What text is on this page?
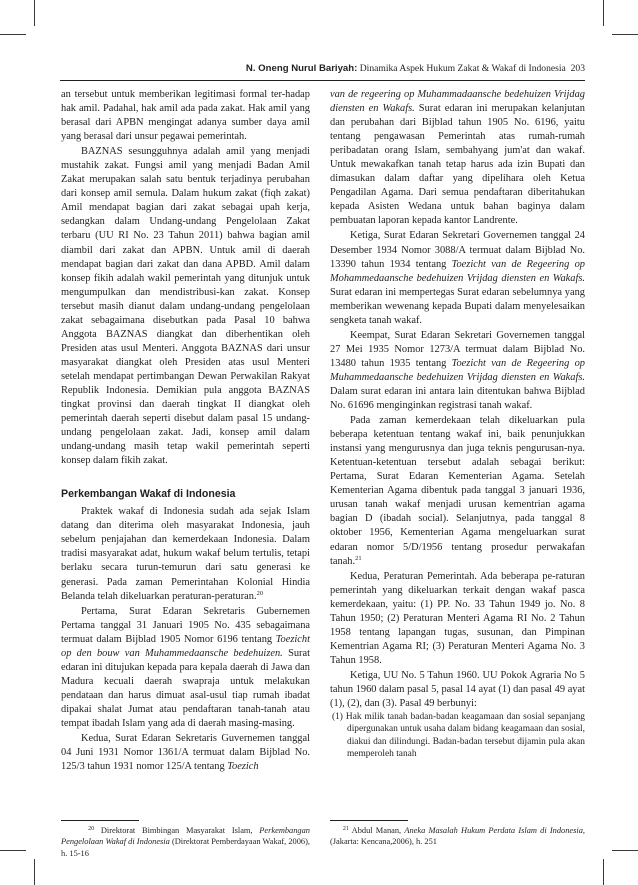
N. Oneng Nurul Bariyah: Dinamika Aspek Hukum Zakat & Wakaf di Indonesia 203

an tersebut untuk memberikan legitimasi formal ter-hadap hak amil. Padahal, hak amil ada pada zakat. Hak amil yang berasal dari APBN mengingat adanya sumber daya amil yang berasal dari unsur pegawai pemerintah.

BAZNAS sesungguhnya adalah amil yang menjadi mustahik zakat. Fungsi amil yang menjadi Badan Amil Zakat merupakan salah satu bentuk terjadinya perubahan dari konsep amil semula. Dalam hukum zakat (fiqh zakat) Amil mendapat bagian dari zakat sebagai upah kerja, sedangkan dalam Undang-undang Pengelolaan Zakat terbaru (UU RI No. 23 Tahun 2011) bahwa bagian amil diambil dari zakat dan APBN. Untuk amil di daerah mendapat bagian dari zakat dan dana APBD. Amil dalam konsep fikih adalah wakil pemerintah yang ditunjuk untuk mengumpulkan dan mendistribusi-kan zakat. Konsep tersebut masih dianut dalam undang-undang pengelolaan zakat sebagaimana disebutkan pada Pasal 10 bahwa Anggota BAZNAS diangkat dan diberhentikan oleh Presiden atas usul Menteri. Anggota BAZNAS dari unsur masyarakat diangkat oleh Presiden atas usul Menteri setelah mendapat pertimbangan Dewan Perwakilan Rakyat Republik Indonesia. Demikian pula anggota BAZNAS tingkat provinsi dan daerah tingkat II diangkat oleh pemerintah daerah seperti disebut dalam pasal 15 undang-undang pengelolaan zakat. Jadi, konsep amil dalam undang-undang masih tetap wakil pemerintah seperti konsep dalam fikih zakat.

Perkembangan Wakaf di Indonesia

Praktek wakaf di Indonesia sudah ada sejak Islam datang dan diterima oleh masyarakat Indonesia, jauh sebelum penjajahan dan kemerdekaan Indonesia. Dalam tradisi masyarakat adat, hukum wakaf belum tertulis, tetapi berlaku secara turun-temurun dari satu generasi ke generasi. Pada zaman Pemerintahan Kolonial Hindia Belanda telah dikeluarkan peraturan-peraturan.$^{20}$

Pertama, Surat Edaran Sekretaris Gubernemen Pertama tanggal 31 Januari 1905 No. 435 sebagaimana termuat dalam Bijblad 1905 Nomor 6196 tentang Toezicht op den bouw van Muhammedaansche bedehuizen. Surat edaran ini ditujukan kepada para kepala daerah di Jawa dan Madura kecuali daerah swapraja untuk melakukan pendataan dan harus dimuat asal-usul tiap rumah ibadat dipakai shalat Jumat atau pendaftaran tanah-tanah atau tempat ibadah Islam yang ada di daerah masing-masing.

Kedua, Surat Edaran Sekretaris Guvernemen tanggal 04 Juni 1931 Nomor 1361/A termuat dalam Bijblad No. 125/3 tahun 1931 nomor 125/A tentang Toezich

$^{20}$ Direktorat Bimbingan Masyarakat Islam, Perkembangan Pengelolaan Wakaf di Indonesia (Direktorat Pemberdayaan Wakaf, 2006), h. 15-16

van de regeering op Muhammadaansche bedehuizen Vrijdag diensten en Wakafs. Surat edaran ini merupakan kelanjutan dan perubahan dari Bijblad tahun 1905 No. 6196, yaitu tentang pengawasan Pemerintah atas rumah-rumah peribadatan orang Islam, sembahyang jum'at dan wakaf. Untuk mewakafkan tanah tetap harus ada izin Bupati dan dimasukan dalam daftar yang dipelihara oleh Ketua Pengadilan Agama. Dari semua pendaftaran diberitahukan kepada Asisten Wedana untuk bahan baginya dalam pembuatan laporan kepada kantor Landrente.

Ketiga, Surat Edaran Sekretari Governemen tanggal 24 Desember 1934 Nomor 3088/A termuat dalam Bijblad No. 13390 tahun 1934 tentang Toezicht van de Regeering op Mohammedaansche bedehuizen Vrijdag diensten en Wakafs. Surat edaran ini mempertegas Surat edaran sebelumnya yang memberikan wewenang kepada Bupati dalam menyelesaikan sengketa tanah wakaf.

Keempat, Surat Edaran Sekretari Governemen tanggal 27 Mei 1935 Nomor 1273/A termuat dalam Bijblad No. 13480 tahun 1935 tentang Toezicht van de Regeering op Muhammedaansche bedehuizen Vrijdag diensten en Wakafs. Dalam surat edaran ini antara lain ditentukan bahwa Bijblad No. 61696 menginginkan registrasi tanah wakaf.

Pada zaman kemerdekaan telah dikeluarkan pula beberapa ketentuan tentang wakaf ini, baik penunjukkan instansi yang mengurusnya dan juga teknis pengurusan-nya. Ketentuan-ketentuan tersebut adalah sebagai berikut: Pertama, Surat Edaran Kementerian Agama. Setelah Kementerian Agama dibentuk pada tanggal 3 januari 1936, urusan tanah wakaf menjadi urusan kementrian agama bagian D (ibadah social). Selanjutnya, pada tanggal 8 oktober 1956, Kementerian Agama mengeluarkan surat edaran nomor 5/D/1956 tentang prosedur perwakafan tanah.$^{21}$

Kedua, Peraturan Pemerintah. Ada beberapa pe-raturan pemerintah yang dikeluarkan terkait dengan wakaf pasca kemerdekaan, yaitu: (1) PP. No. 33 Tahun 1949 jo. No. 8 Tahun 1950; (2) Peraturan Menteri Agama RI No. 2 Tahun 1958 tentang lapangan tugas, susunan, dan Pimpinan Kementrian Agama RI; (3) Peraturan Menteri Agama No. 3 Tahun 1958.

Ketiga, UU No. 5 Tahun 1960. UU Pokok Agraria No 5 tahun 1960 dalam pasal 5, pasal 14 ayat (1) dan pasal 49 ayat (1), (2), dan (3). Pasal 49 berbunyi:

(1) Hak milik tanah badan-badan keagamaan dan sosial sepanjang dipergunakan untuk usaha dalam bidang keagamaan dan sosial, diakui dan dilindungi. Badan-badan tersebut dijamin pula akan memperoleh tanah

$^{21}$ Abdul Manan, Aneka Masalah Hukum Perdata Islam di Indonesia, (Jakarta: Kencana,2006), h. 251
